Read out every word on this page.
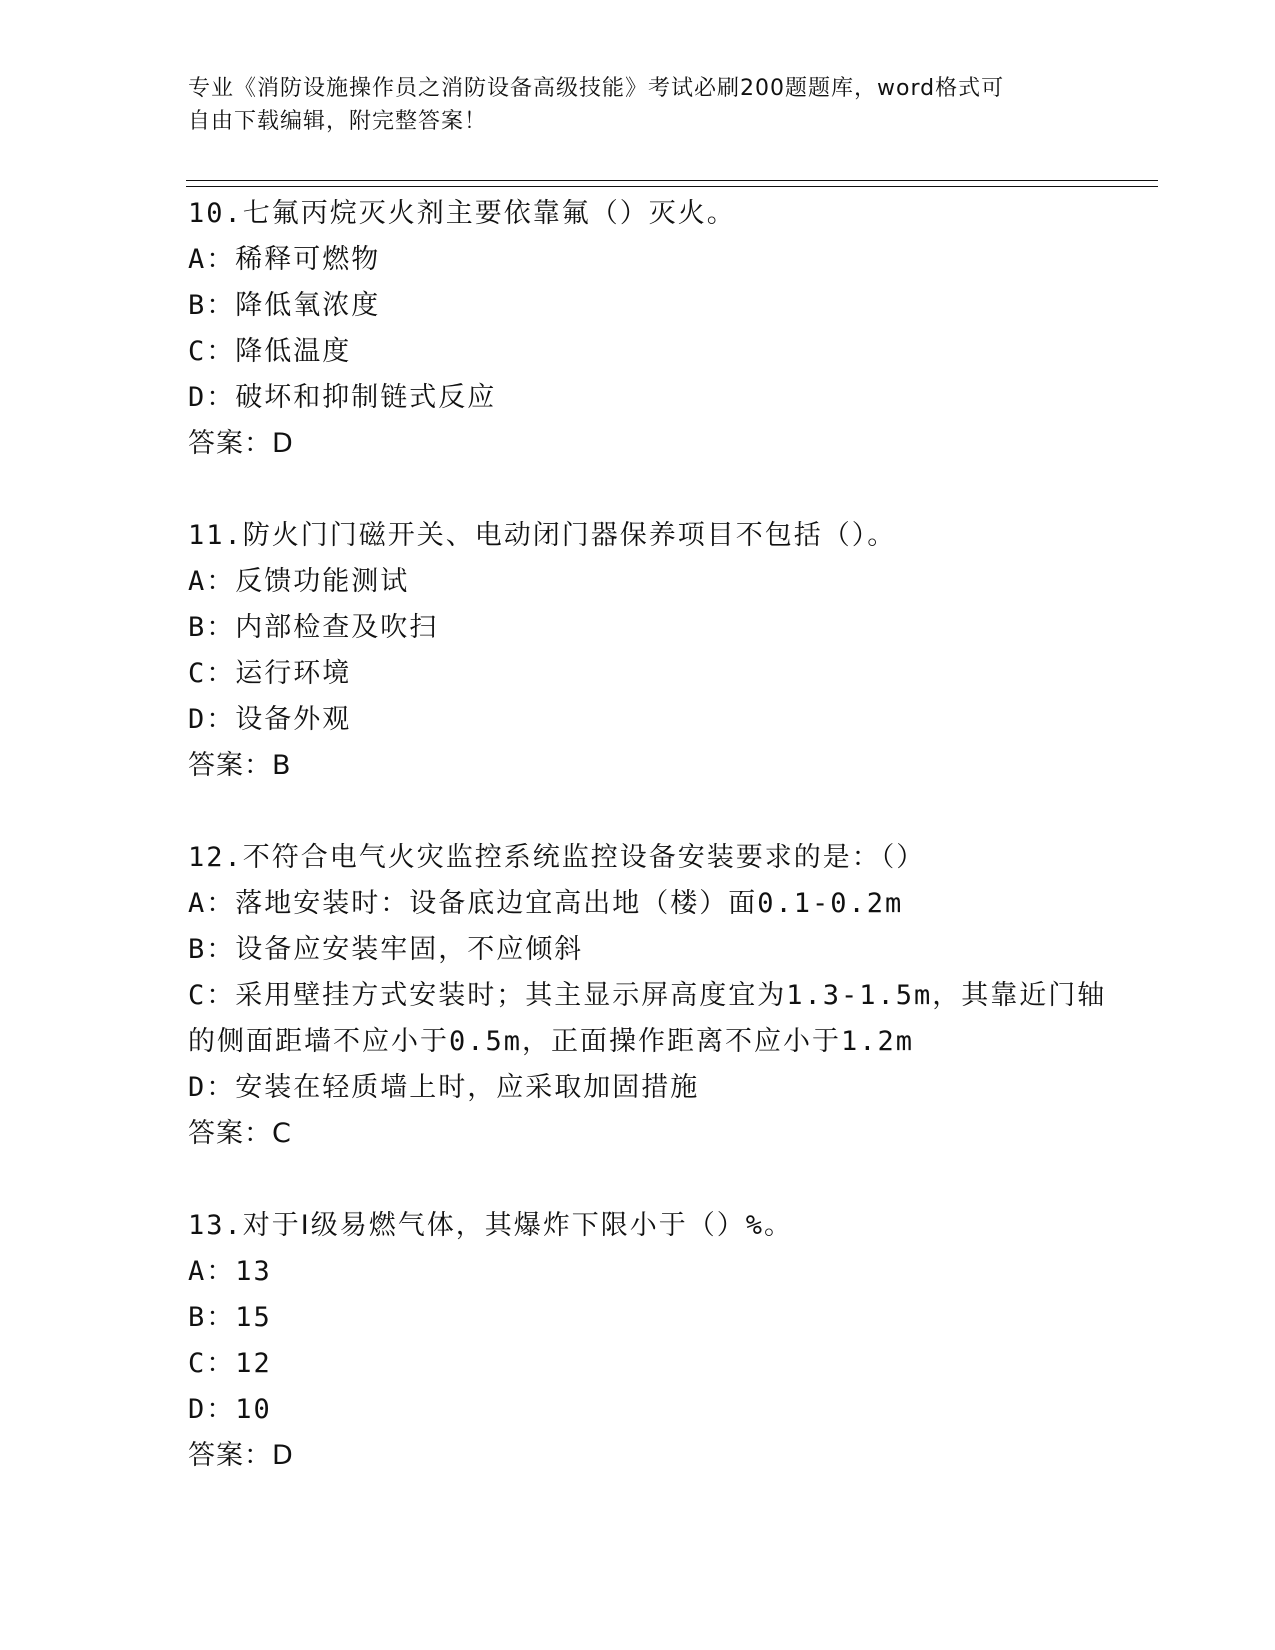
专业《消防设施操作员之消防设备高级技能》考试必刷200题题库，word格式可
自由下载编辑，附完整答案！
10.七氟丙烷灭火剂主要依靠氟（）灭火。
A：稀释可燃物
B：降低氧浓度
C：降低温度
D：破坏和抑制链式反应
答案：D
11.防火门门磁开关、电动闭门器保养项目不包括（）。
A：反馈功能测试
B：内部检查及吹扫
C：运行环境
D：设备外观
答案：B
12.不符合电气火灾监控系统监控设备安装要求的是：（）
A：落地安装时：设备底边宜高出地（楼）面0.1-0.2m
B：设备应安装牢固，不应倾斜
C：采用壁挂方式安装时；其主显示屏高度宜为1.3-1.5m，其靠近门轴
的侧面距墙不应小于0.5m，正面操作距离不应小于1.2m
D：安装在轻质墙上时，应采取加固措施
答案：C
13.对于Ⅰ级易燃气体，其爆炸下限小于（）%。
A：13
B：15
C：12
D：10
答案：D
